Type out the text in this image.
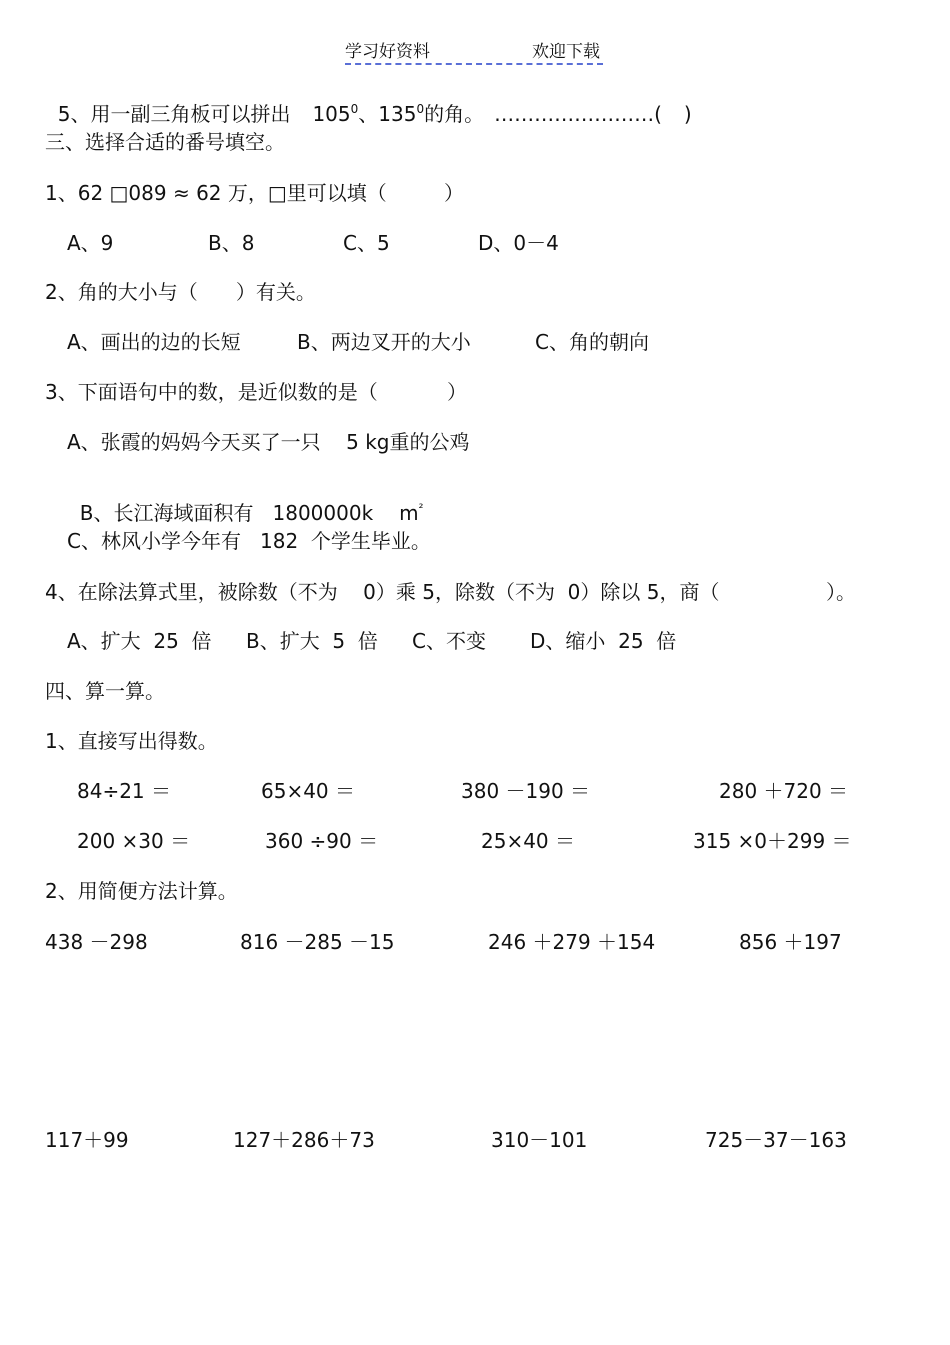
学习好资料	欢迎下载

5、用一副三角板可以拼出 $105^0$、$135^0$的角。 ……………………( )

三、选择合适的番号填空。
1、62 □089 ≈ 62 万，□里可以填（	）
A、9	B、8	C、5	D、0－4
2、角的大小与（      ）有关。
A、画出的边的长短	B、两边叉开的大小	C、角的朝向
3、下面语句中的数，是近似数的是（	）
A、张霞的妈妈今天买了一只    5 kg重的公鸡

B、长江海域面积有   1800000k $m^{^2}$

C、林风小学今年有   182  个学生毕业。
4、在除法算式里，被除数（不为    0）乘 5，除数（不为  0）除以 5，商（	）。
A、扩大  25  倍 B、扩大  5  倍 C、不变 D、缩小  25  倍
四、算一算。
1、直接写出得数。
84÷21 ＝	65×40 ＝	380 －190 ＝	280 ＋720 ＝
200 ×30 ＝	360 ÷90 ＝	25×40 ＝	315 ×0＋299 ＝
2、用简便方法计算。
438 －298	816 －285 －15	246 ＋279 ＋154	856 ＋197
117＋99	127＋286＋73	310－101	725－37－163
